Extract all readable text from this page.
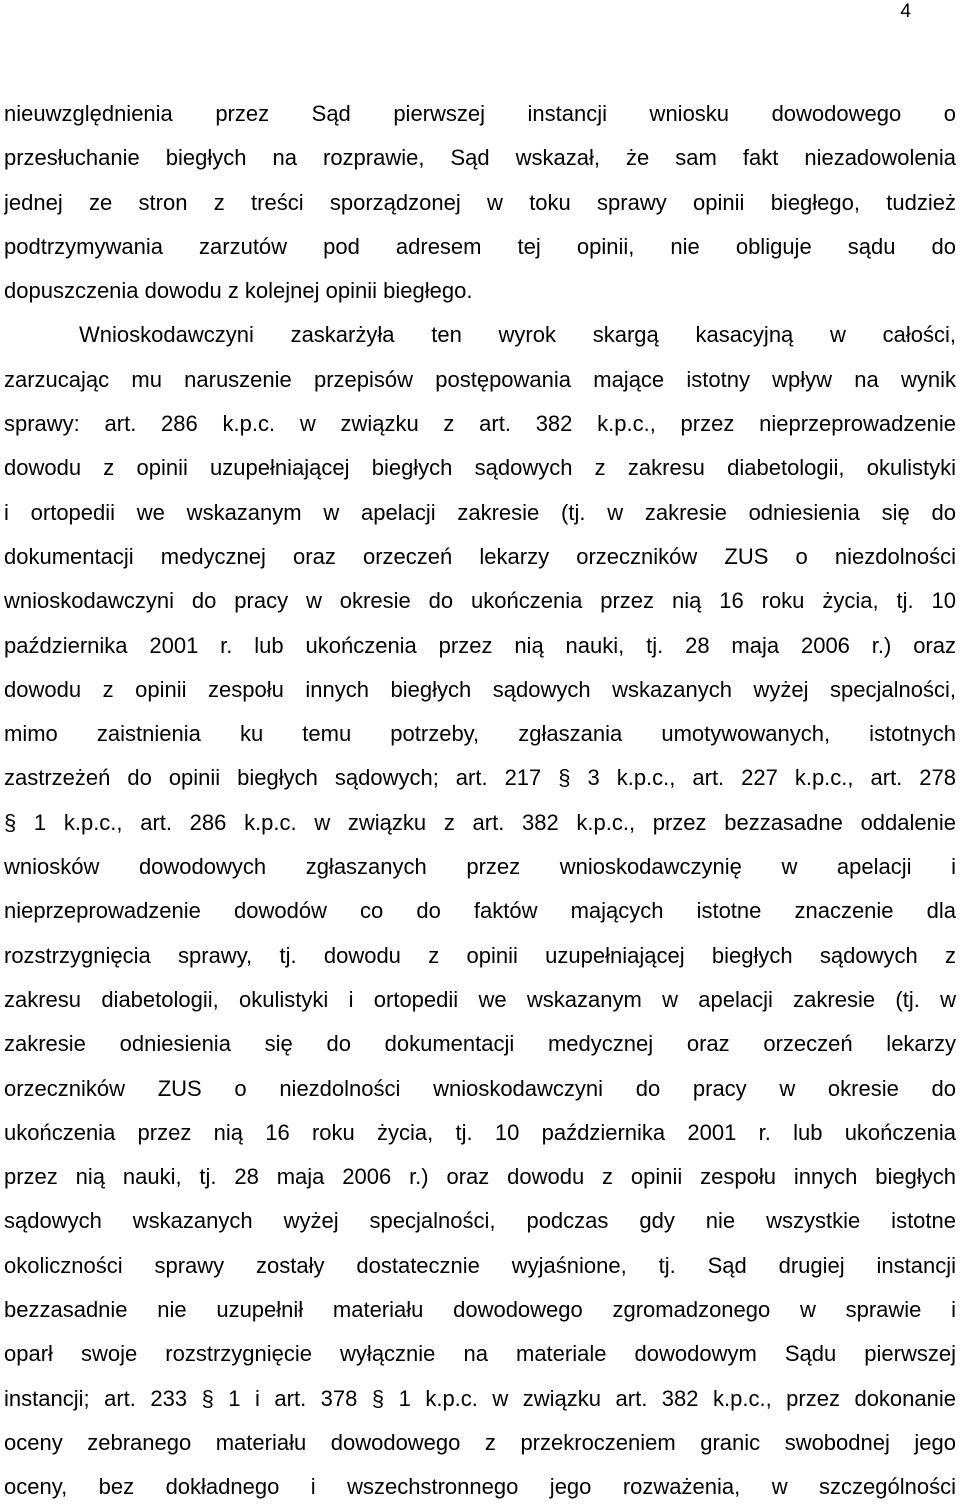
4
nieuwzględnienia przez Sąd pierwszej instancji wniosku dowodowego o
przesłuchanie biegłych na rozprawie, Sąd wskazał, że sam fakt niezadowolenia
jednej ze stron z treści sporządzonej w toku sprawy opinii biegłego, tudzież
podtrzymywania zarzutów pod adresem tej opinii, nie obliguje sądu do
dopuszczenia dowodu z kolejnej opinii biegłego.
Wnioskodawczyni zaskarżyła ten wyrok skargą kasacyjną w całości,
zarzucając mu naruszenie przepisów postępowania mające istotny wpływ na wynik
sprawy: art. 286 k.p.c. w związku z art. 382 k.p.c., przez nieprzeprowadzenie
dowodu z opinii uzupełniającej biegłych sądowych z zakresu diabetologii, okulistyki
i ortopedii we wskazanym w apelacji zakresie (tj. w zakresie odniesienia się do
dokumentacji medycznej oraz orzeczeń lekarzy orzeczników ZUS o niezdolności
wnioskodawczyni do pracy w okresie do ukończenia przez nią 16 roku życia, tj. 10
października 2001 r. lub ukończenia przez nią nauki, tj. 28 maja 2006 r.) oraz
dowodu z opinii zespołu innych biegłych sądowych wskazanych wyżej specjalności,
mimo zaistnienia ku temu potrzeby, zgłaszania umotywowanych, istotnych
zastrzeżeń do opinii biegłych sądowych; art. 217 § 3 k.p.c., art. 227 k.p.c., art. 278
§ 1 k.p.c., art. 286 k.p.c. w związku z art. 382 k.p.c., przez bezzasadne oddalenie
wniosków dowodowych zgłaszanych przez wnioskodawczynię w apelacji i
nieprzeprowadzenie dowodów co do faktów mających istotne znaczenie dla
rozstrzygnięcia sprawy, tj. dowodu z opinii uzupełniającej biegłych sądowych z
zakresu diabetologii, okulistyki i ortopedii we wskazanym w apelacji zakresie (tj. w
zakresie odniesienia się do dokumentacji medycznej oraz orzeczeń lekarzy
orzeczników ZUS o niezdolności wnioskodawczyni do pracy w okresie do
ukończenia przez nią 16 roku życia, tj. 10 października 2001 r. lub ukończenia
przez nią nauki, tj. 28 maja 2006 r.) oraz dowodu z opinii zespołu innych biegłych
sądowych wskazanych wyżej specjalności, podczas gdy nie wszystkie istotne
okoliczności sprawy zostały dostatecznie wyjaśnione, tj. Sąd drugiej instancji
bezzasadnie nie uzupełnił materiału dowodowego zgromadzonego w sprawie i
oparł swoje rozstrzygnięcie wyłącznie na materiale dowodowym Sądu pierwszej
instancji; art. 233 § 1 i art. 378 § 1 k.p.c. w związku art. 382 k.p.c., przez dokonanie
oceny zebranego materiału dowodowego z przekroczeniem granic swobodnej jego
oceny, bez dokładnego i wszechstronnego jego rozważenia, w szczególności
